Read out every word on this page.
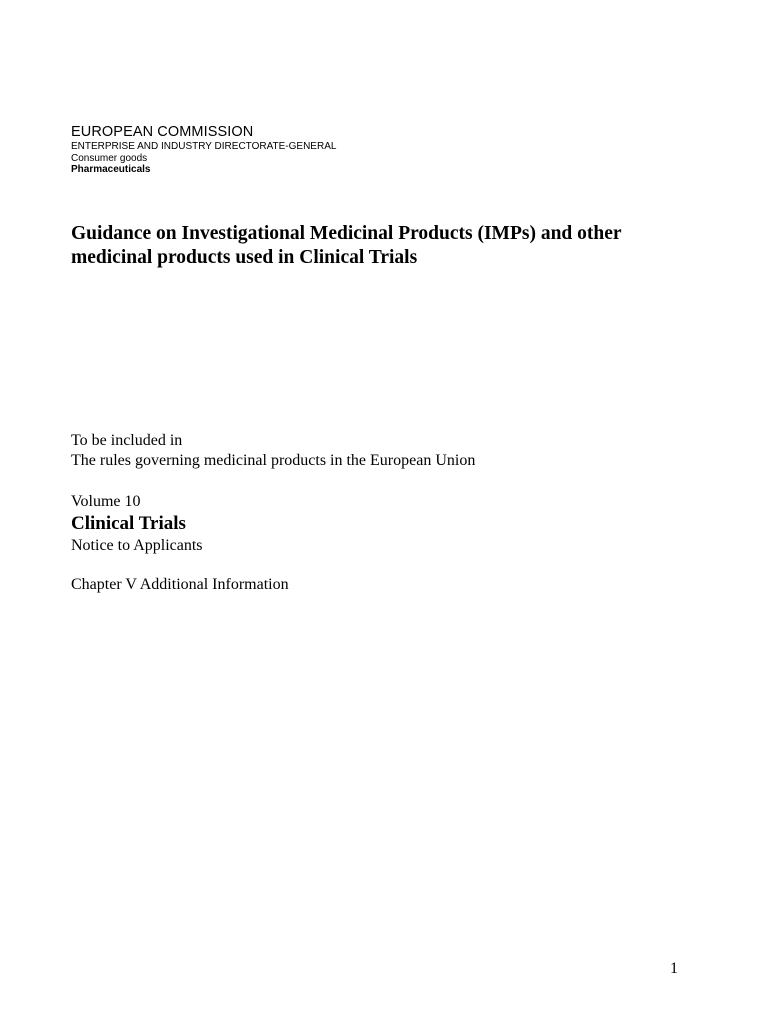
EUROPEAN COMMISSION
ENTERPRISE AND INDUSTRY DIRECTORATE-GENERAL
Consumer goods
Pharmaceuticals
Guidance on Investigational Medicinal Products (IMPs) and other
medicinal products used in Clinical Trials
To be included in
The rules governing medicinal products in the European Union
Volume 10
Clinical Trials
Notice to Applicants
Chapter V Additional Information
1
